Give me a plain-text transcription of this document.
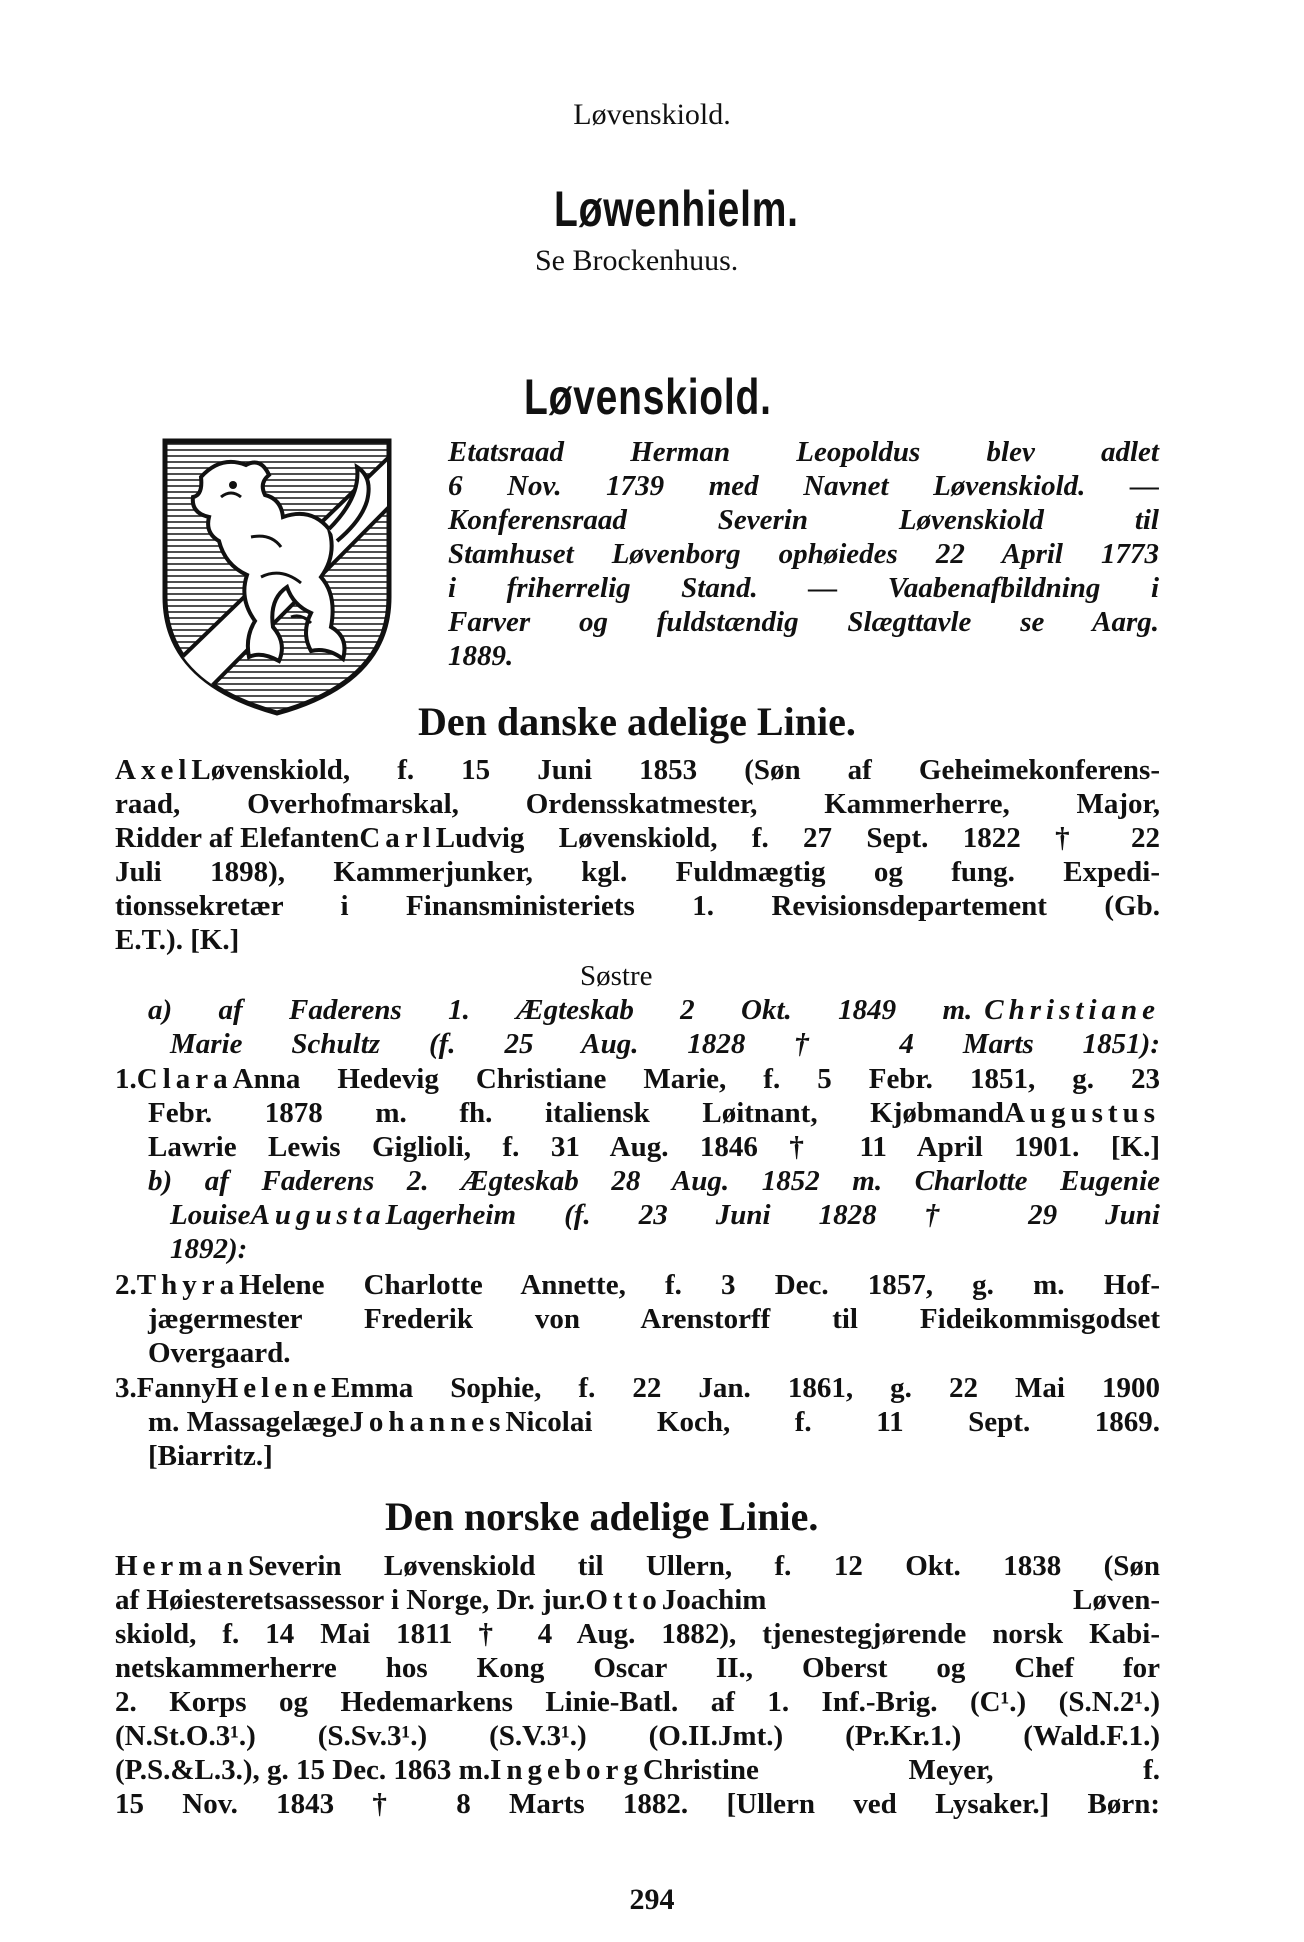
Løvenskiold.

Løwenhielm.

Se Brockenhuus.

Løvenskiold.

Etatsraad Herman Leopoldus blev adlet

6 Nov. 1739 med Navnet Løvenskiold. —

Konferensraad Severin Løvenskiold til

Stamhuset Løvenborg ophøiedes 22 April 1773

i friherrelig Stand. — Vaabenafbildning i

Farver og fuldstændig Slægttavle se Aarg.

1889.

Den danske adelige Linie.

Axel Løvenskiold, f. 15 Juni 1853 (Søn af Geheimekonferens-

raad, Overhofmarskal, Ordensskatmester, Kammerherre, Major,

Ridder af Elefanten Carl Ludvig Løvenskiold, f. 27 Sept. 1822 † 22

Juli 1898), Kammerjunker, kgl. Fuldmægtig og fung. Expedi-

tionssekretær i Finansministeriets 1. Revisionsdepartement (Gb.

E.T.). [K.]

Søstre

a) af Faderens 1. Ægteskab 2 Okt. 1849 m. Christiane

Marie Schultz (f. 25 Aug. 1828 † 4 Marts 1851):

1. Clara Anna Hedevig Christiane Marie, f. 5 Febr. 1851, g. 23

Febr. 1878 m. fh. italiensk Løitnant, Kjøbmand Augustus

Lawrie Lewis Giglioli, f. 31 Aug. 1846 † 11 April 1901. [K.]

b) af Faderens 2. Ægteskab 28 Aug. 1852 m. Charlotte Eugenie

Louise Augusta Lagerheim (f. 23 Juni 1828 † 29 Juni

1892):

2. Thyra Helene Charlotte Annette, f. 3 Dec. 1857, g. m. Hof-

jægermester Frederik von Arenstorff til Fideikommisgodset

Overgaard.

3. Fanny Helene Emma Sophie, f. 22 Jan. 1861, g. 22 Mai 1900

m. Massagelæge Johannes Nicolai Koch, f. 11 Sept. 1869.

[Biarritz.]

Den norske adelige Linie.

Herman Severin Løvenskiold til Ullern, f. 12 Okt. 1838 (Søn

af Høiesteretsassessor i Norge, Dr. jur. Otto Joachim Løven-

skiold, f. 14 Mai 1811 † 4 Aug. 1882), tjenestegjørende norsk Kabi-

netskammerherre hos Kong Oscar II., Oberst og Chef for

2. Korps og Hedemarkens Linie-Batl. af 1. Inf.-Brig. (C¹.) (S.N.2¹.)

(N.St.O.3¹.) (S.Sv.3¹.) (S.V.3¹.) (O.II.Jmt.) (Pr.Kr.1.) (Wald.F.1.)

(P.S.&L.3.), g. 15 Dec. 1863 m. Ingeborg Christine Meyer, f.

15 Nov. 1843 † 8 Marts 1882. [Ullern ved Lysaker.] Børn:

294
